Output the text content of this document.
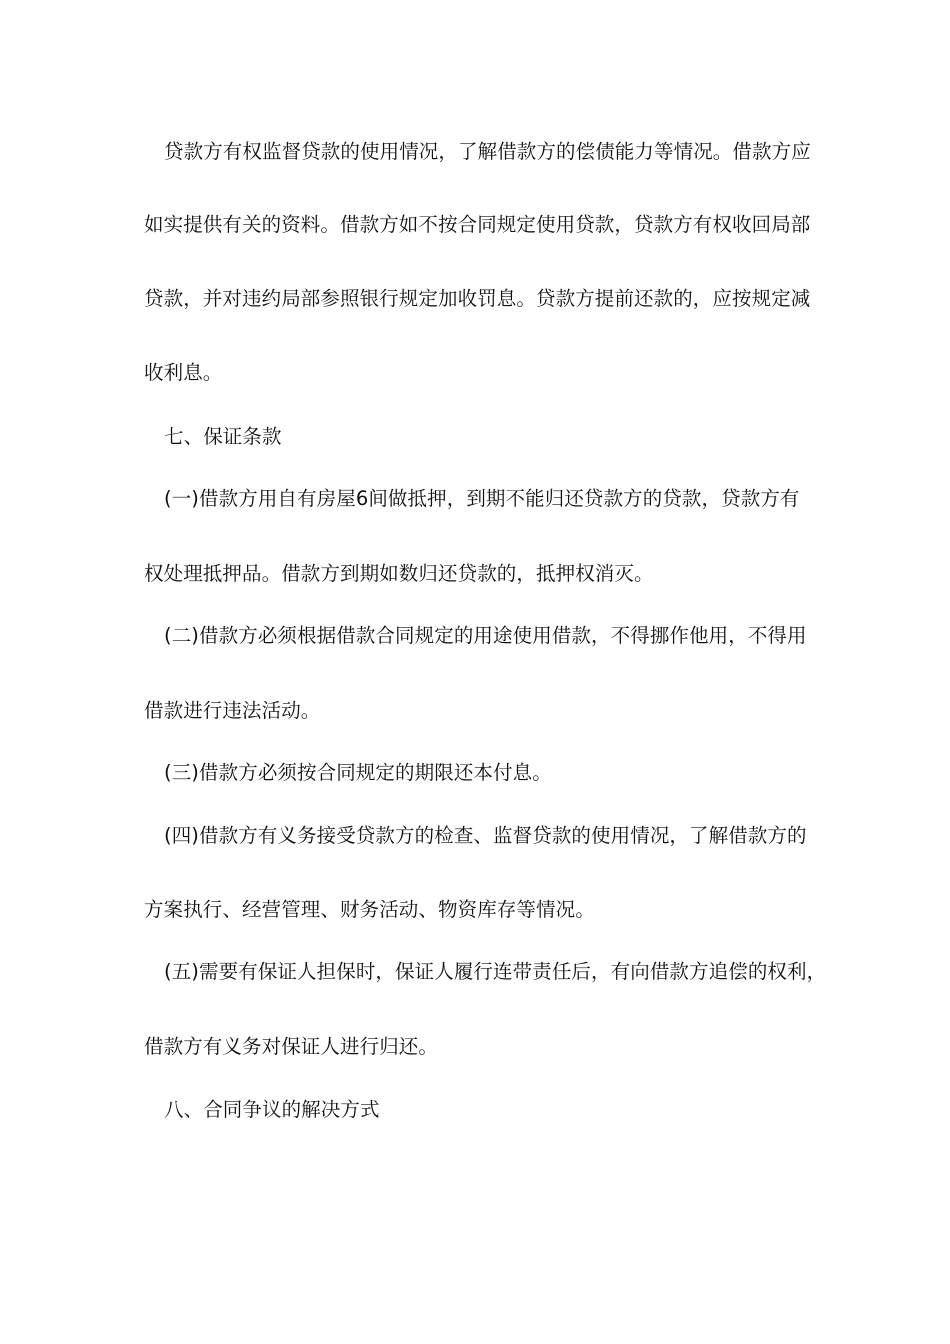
贷款方有权监督贷款的使用情况，了解借款方的偿债能力等情况。借款方应
如实提供有关的资料。借款方如不按合同规定使用贷款，贷款方有权收回局部
贷款，并对违约局部参照银行规定加收罚息。贷款方提前还款的，应按规定减
收利息。
七、保证条款
(一)借款方用自有房屋6间做抵押，到期不能归还贷款方的贷款，贷款方有
权处理抵押品。借款方到期如数归还贷款的，抵押权消灭。
(二)借款方必须根据借款合同规定的用途使用借款，不得挪作他用，不得用
借款进行违法活动。
(三)借款方必须按合同规定的期限还本付息。
(四)借款方有义务接受贷款方的检查、监督贷款的使用情况，了解借款方的
方案执行、经营管理、财务活动、物资库存等情况。
(五)需要有保证人担保时，保证人履行连带责任后，有向借款方追偿的权利，
借款方有义务对保证人进行归还。
八、合同争议的解决方式
